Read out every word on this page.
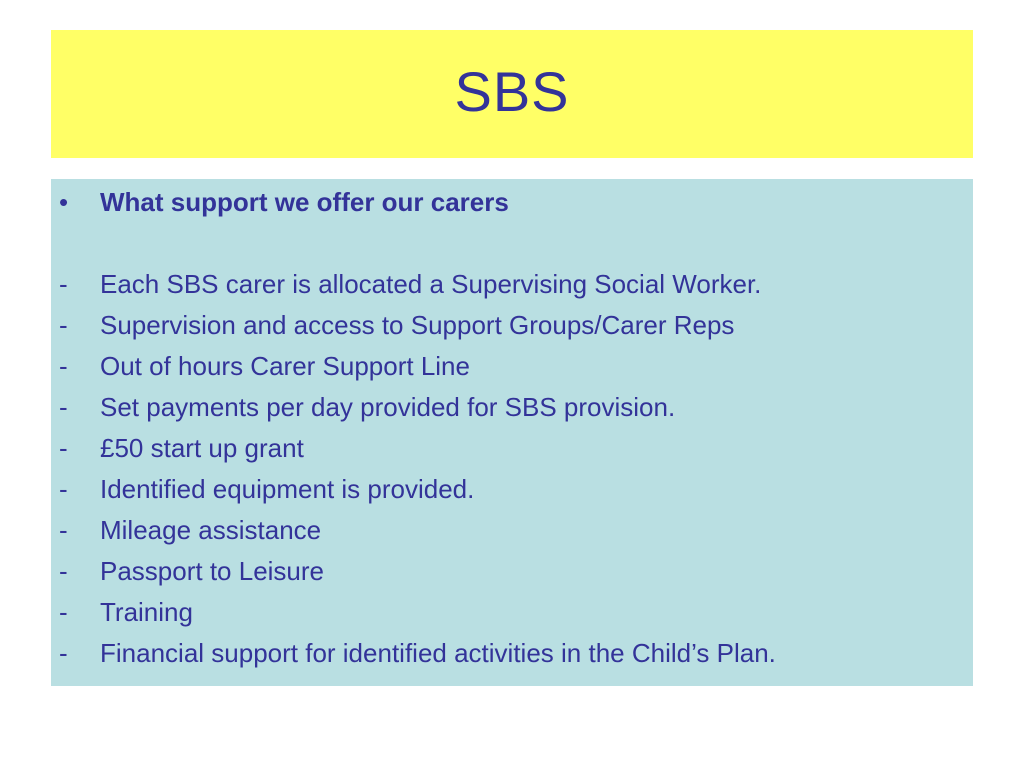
SBS
•	What support we offer our carers
-	Each SBS carer is allocated a Supervising Social Worker.
-	Supervision and access to Support Groups/Carer Reps
-	Out of hours Carer Support Line
-	Set payments per day provided for SBS provision.
-	£50 start up grant
-	Identified equipment is provided.
-	Mileage assistance
-	Passport to Leisure
-	Training
-	Financial support for identified activities in the Child’s Plan.
